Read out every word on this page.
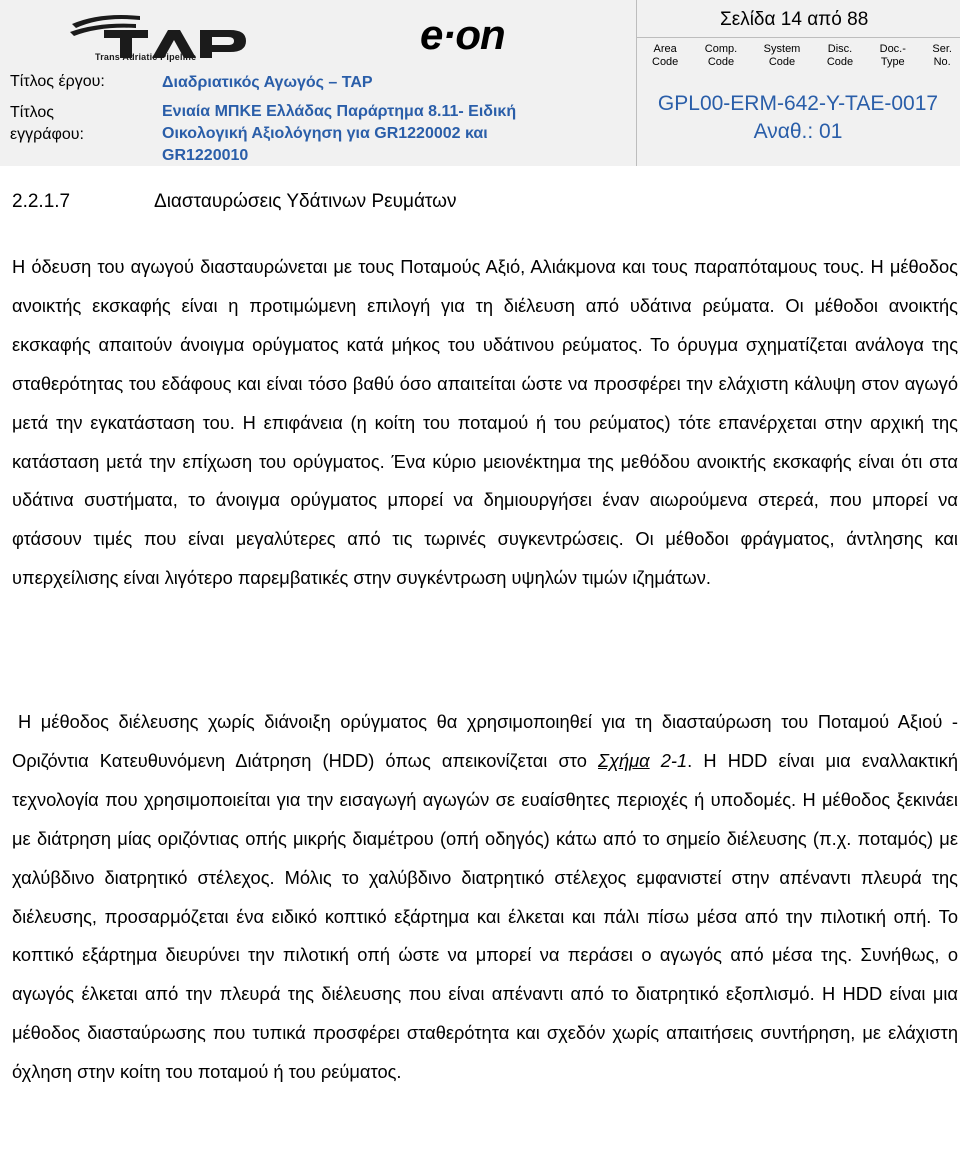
Trans Adriatic Pipeline	e·on
Τίτλος έργου:	Διαδριατικός Αγωγός – TAP
Τίτλος
εγγράφου:
Ενιαία ΜΠΚΕ Ελλάδας Παράρτημα 8.11- Ειδική
Οικολογική Αξιολόγηση για GR1220002 και
GR1220010
Σελίδα 14 από 88
Area
Code
Comp.
Code
System
Code
Disc.
Code
Doc.-
Type
Ser.
No.
GPL00-ERM-642-Y-TAE-0017
Αναθ.: 01
2.2.1.7	Διασταυρώσεις Υδάτινων Ρευμάτων

Η όδευση του αγωγού διασταυρώνεται με τους Ποταμούς Αξιό, Αλιάκμονα και τους παραπόταμους τους. Η μέθοδος ανοικτής εκσκαφής είναι η προτιμώμενη επιλογή για τη διέλευση από υδάτινα ρεύματα. Οι μέθοδοι ανοικτής εκσκαφής απαιτούν άνοιγμα ορύγματος κατά μήκος του υδάτινου ρεύματος. Το όρυγμα σχηματίζεται ανάλογα της σταθερότητας του εδάφους και είναι τόσο βαθύ όσο απαιτείται ώστε να προσφέρει την ελάχιστη κάλυψη στον αγωγό μετά την εγκατάσταση του. Η επιφάνεια (η κοίτη του ποταμού ή του ρεύματος) τότε επανέρχεται στην αρχική της κατάσταση μετά την επίχωση του ορύγματος. Ένα κύριο μειονέκτημα της μεθόδου ανοικτής εκσκαφής είναι ότι στα υδάτινα συστήματα, το άνοιγμα ορύγματος μπορεί να δημιουργήσει έναν αιωρούμενα στερεά, που μπορεί να φτάσουν τιμές που είναι μεγαλύτερες από τις τωρινές συγκεντρώσεις. Οι μέθοδοι φράγματος, άντλησης και υπερχείλισης είναι λιγότερο παρεμβατικές στην συγκέντρωση υψηλών τιμών ιζημάτων.

Η μέθοδος διέλευσης χωρίς διάνοιξη ορύγματος θα χρησιμοποιηθεί για τη διασταύρωση του Ποταμού Αξιού - Οριζόντια Κατευθυνόμενη Διάτρηση (HDD) όπως απεικονίζεται στο Σχήμα 2-1. Η HDD είναι μια εναλλακτική τεχνολογία που χρησιμοποιείται για την εισαγωγή αγωγών σε ευαίσθητες περιοχές ή υποδομές. Η μέθοδος ξεκινάει με διάτρηση μίας οριζόντιας οπής μικρής διαμέτρου (οπή οδηγός) κάτω από το σημείο διέλευσης (π.χ. ποταμός) με χαλύβδινο διατρητικό στέλεχος. Μόλις το χαλύβδινο διατρητικό στέλεχος εμφανιστεί στην απέναντι πλευρά της διέλευσης, προσαρμόζεται ένα ειδικό κοπτικό εξάρτημα και έλκεται και πάλι πίσω μέσα από την πιλοτική οπή. Το κοπτικό εξάρτημα διευρύνει την πιλοτική οπή ώστε να μπορεί να περάσει ο αγωγός από μέσα της. Συνήθως, ο αγωγός έλκεται από την πλευρά της διέλευσης που είναι απέναντι από το διατρητικό εξοπλισμό. Η HDD είναι μια μέθοδος διασταύρωσης που τυπικά προσφέρει σταθερότητα και σχεδόν χωρίς απαιτήσεις συντήρηση, με ελάχιστη όχληση στην κοίτη του ποταμού ή του ρεύματος.
